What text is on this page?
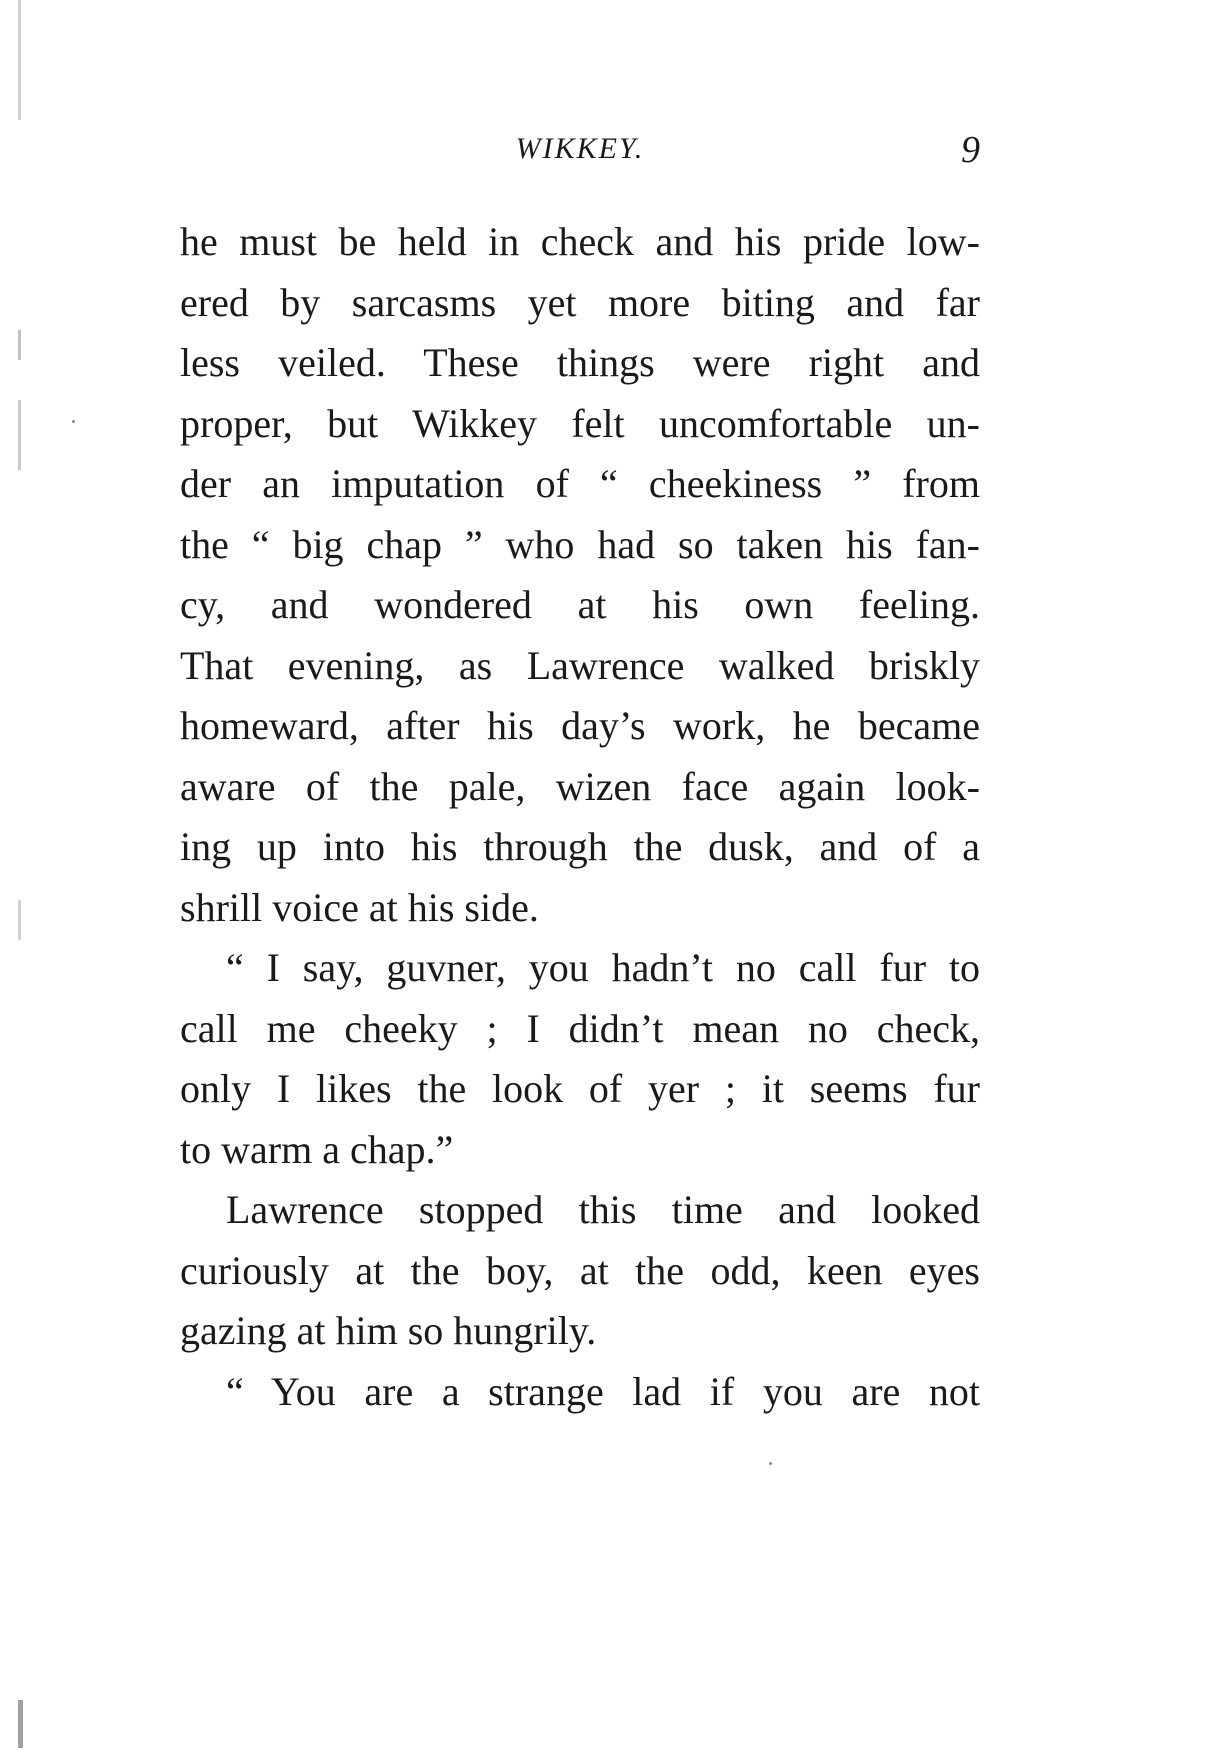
WIKKEY.	9
he must be held in check and his pride low-
ered by sarcasms yet more biting and far
less veiled. These things were right and
proper, but Wikkey felt uncomfortable un-
der an imputation of “ cheekiness ” from
the “ big chap ” who had so taken his fan-
cy, and wondered at his own feeling.
That evening, as Lawrence walked briskly
homeward, after his day’s work, he became
aware of the pale, wizen face again look-
ing up into his through the dusk, and of a
shrill voice at his side.
“ I say, guvner, you hadn’t no call fur to
call me cheeky ; I didn’t mean no check,
only I likes the look of yer ; it seems fur
to warm a chap.”
Lawrence stopped this time and looked
curiously at the boy, at the odd, keen eyes
gazing at him so hungrily.
“ You are a strange lad if you are not
